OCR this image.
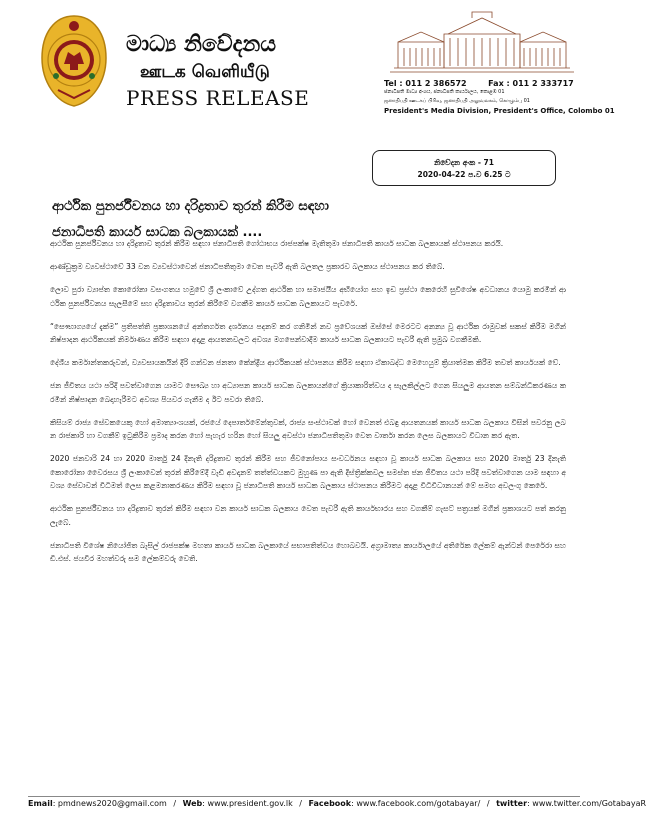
මාධ්‍ය නිවේදනය
ஊடக வெளியீடு
PRESS RELEASE
Tel : 011 2 386572	Fax : 011 2 333717
ජනාධිපති මාධ්‍ය අංශය, ජනාධිපති කාර්යාලය, කොළඹ 01
ஜனாதிபதி ஊடகப் பிரிவு, ஜனாதிபதி அலுவலகம், கொழும்பு 01
President's Media Division, President's Office, Colombo 01
නිවේදන අංක - 71
2020-04-22 ප.ව 6.25 ට
ආර්ථික පුනර්ජීවනය හා දරිද්‍රතාව තුරන් කිරීම සඳහා
ජනාධිපති කාර්ය සාධක බලකායක් ....

ආර්ථික පුනර්ජීවනය හා දරිද්‍රතාව තුරන් කිරීම සඳහා ජනාධිපති ගෝඨාභය රාජපක්ෂ මැතිතුමා ජනාධිපති කාර්ය සාධක බලකායක් ස්ථාපනය කරයි.

ආණ්ඩුක්‍රම ව්‍යවස්ථාවේ 33 වන ව්‍යවස්ථාවෙන් ජනාධිපතිතුමා වෙත පැවරී ඇති බලතල ප්‍රකාරව බලකාය ස්ථාපනය කර තිබේ.

ලොව පුරා ව්‍යාප්ත කොරෝනා වසංගතය හමුවේ ශ්‍රී ලංකාවේ උද්ගත ආර්ථික හා සමාජයීය අභියෝග සහ ඉඩ ප්‍රස්ථා කෙරෙහි සුවිශේෂ අවධානය යොමු කරමින් ආර්ථික පුනර්ජීවනය සැලසීමේ සහ දරිද්‍රතාවය තුරන් කිරීමේ වගකීම කාර්ය සාධක බලකායට පැවරේ.

“සෞභාග්‍යයේ දැක්ම” ප්‍රතිපත්ති ප්‍රකාශනයේ අන්තර්ගත දර්ශනය පදනම් කර ගනිමින් නව ප්‍රවේශයක් ඔස්සේ මෙරටට අනන්‍ය වූ ආර්ථික රාමුවක් සකස් කිරීම මගින් නිෂ්පාදන ආර්ථිකයක් නිර්මාණය කිරීම සඳහා අදාළ ආයතනවලට අවශ්‍ය මගපෙන්වාදීම කාර්ය සාධක බලකායට පැවරී ඇති ප්‍රමුඛ වගකීමකි.

දේශීය කර්මාන්තකරුවන්, ව්‍යවසායකයින් දිරි ගන්වන ජනතා කේන්ද්‍රීය ආර්ථිකයක් ස්ථාපනය කිරීම සඳහා ඒකාබද්ධ මෙහෙයුම් ක්‍රියාත්මක කිරීම තවත් කාර්යයක් වේ.

ජන ජීවිතය යථා පරිදි පවත්වාගෙන යාමට සෞඛ්‍ය හා අධ්‍යාපන කාර්ය සාධක බලකායන්ගේ ක්‍රියාකාරිත්වය ද සැලකිල්ලට ගෙන සියලුම ආයතන සම්බන්ධීකරණය කරමින් නිෂ්පාදන බෙදාහැරීමට අවශ්‍ය පියවර ගැනීම ද ඊට පවරා තිබේ.

කිසියම් රාජ්‍ය සේවකයෙකු හෝ අමාත්‍යාංශයක්, රජයේ දෙපාර්තමේන්තුවක්, රාජ්‍ය සංස්ථාවක් හෝ වෙනත් එබඳු ආයතනයක් කාර්ය සාධක බලකාය විසින් පවරනු ලබන රාජකාරි හා වගකීම් ඉටුකිරීම ප්‍රමාද කරන හෝ පැහැර හරින හෝ සියලු අවස්ථා ජනාධිපතිතුමා වෙත වාර්තා කරන ලෙස බලකායට විධාන කර ඇත.

2020 ජනවාරි 24 හා 2020 මාර්තු 24 දිනැති දරිද්‍රතාව තුරන් කිරීම සහ ජීවනෝපාය සංවර්ධනය සඳහා වූ කාර්ය සාධක බලකාය සහ 2020 මාර්තු 23 දිනැති කොරෝනා වෛරසය ශ්‍රී ලංකාවෙන් තුරන් කිරීමේදී වැඩි අවදානම් තත්ත්වයකට මුහුණ පා ඇති දිස්ත්‍රික්කවල සමස්ත ජන ජීවිතය යථා පරිදි පවත්වාගෙන යාම සඳහා අවශ්‍ය සේවාවන් විධිමත් ලෙස කළමනාකරණය කිරීම සඳහා වූ ජනාධිපති කාර්ය සාධක බලකාය ස්ථාපනය කිරීමට අදාළ විධිවිධානයන් මේ සමඟ අවලංගු කෙරේ.

ආර්ථික පුනර්ජීවනය හා දරිද්‍රතාව තුරන් කිරීම සඳහා වන කාර්ය සාධක බලකාය වෙත පැවරී ඇති කාර්යභාරය සහ වගකීම් ගැසට් පත්‍රයක් මගින් ප්‍රකාශයට පත් කරනු ලැබේ.

ජනාධිපති විශේෂ නියෝජිත බැසිල් රාජපක්ෂ මහතා කාර්ය සාධක බලකායේ සභාපතිත්වය හොබවයි. අග්‍රාමාත්‍ය කාර්යාලයේ අතිරේක ලේකම් ඇන්ටන් පෙරේරා සහ ඩී.එස්. ජයවීර මහත්වරු සම ලේකම්වරු වෙති.

Email: pmdnews2020@gmail.com / Web: www.president.gov.lk / Facebook: www.facebook.com/gotabayar/ / twitter: www.twitter.com/GotabayaR
